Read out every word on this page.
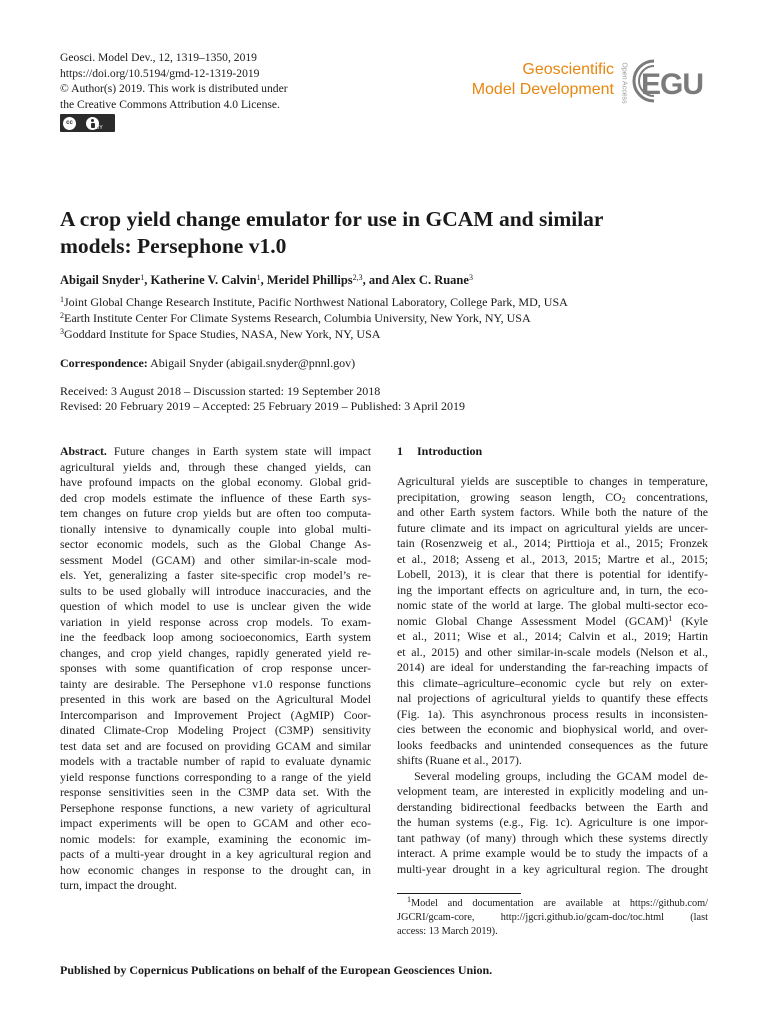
Geosci. Model Dev., 12, 1319–1350, 2019
https://doi.org/10.5194/gmd-12-1319-2019
© Author(s) 2019. This work is distributed under
the Creative Commons Attribution 4.0 License.
cc
BY
Geoscientific
Model Development Open Access EGU
A crop yield change emulator for use in GCAM and similar
models: Persephone v1.0
Abigail Snyder$^1$, Katherine V. Calvin$^1$, Meridel Phillips$^{2,3}$, and Alex C. Ruane$^3$
$^1$Joint Global Change Research Institute, Pacific Northwest National Laboratory, College Park, MD, USA
$^2$Earth Institute Center For Climate Systems Research, Columbia University, New York, NY, USA
$^3$Goddard Institute for Space Studies, NASA, New York, NY, USA
Correspondence: Abigail Snyder (abigail.snyder@pnnl.gov)
Received: 3 August 2018 – Discussion started: 19 September 2018
Revised: 20 February 2019 – Accepted: 25 February 2019 – Published: 3 April 2019
Abstract. Future changes in Earth system state will impact
agricultural yields and, through these changed yields, can
have profound impacts on the global economy. Global grid-
ded crop models estimate the influence of these Earth sys-
tem changes on future crop yields but are often too computa-
tionally intensive to dynamically couple into global multi-
sector economic models, such as the Global Change As-
sessment Model (GCAM) and other similar-in-scale mod-
els. Yet, generalizing a faster site-specific crop model’s re-
sults to be used globally will introduce inaccuracies, and the
question of which model to use is unclear given the wide
variation in yield response across crop models. To exam-
ine the feedback loop among socioeconomics, Earth system
changes, and crop yield changes, rapidly generated yield re-
sponses with some quantification of crop response uncer-
tainty are desirable. The Persephone v1.0 response functions
presented in this work are based on the Agricultural Model
Intercomparison and Improvement Project (AgMIP) Coor-
dinated Climate-Crop Modeling Project (C3MP) sensitivity
test data set and are focused on providing GCAM and similar
models with a tractable number of rapid to evaluate dynamic
yield response functions corresponding to a range of the yield
response sensitivities seen in the C3MP data set. With the
Persephone response functions, a new variety of agricultural
impact experiments will be open to GCAM and other eco-
nomic models: for example, examining the economic im-
pacts of a multi-year drought in a key agricultural region and
how economic changes in response to the drought can, in
turn, impact the drought.
1 Introduction
Agricultural yields are susceptible to changes in temperature,
precipitation, growing season length, $CO_2$ concentrations,
and other Earth system factors. While both the nature of the
future climate and its impact on agricultural yields are uncer-
tain (Rosenzweig et al., 2014; Pirttioja et al., 2015; Fronzek
et al., 2018; Asseng et al., 2013, 2015; Martre et al., 2015;
Lobell, 2013), it is clear that there is potential for identify-
ing the important effects on agriculture and, in turn, the eco-
nomic state of the world at large. The global multi-sector eco-
nomic Global Change Assessment Model (GCAM)$^1$ (Kyle
et al., 2011; Wise et al., 2014; Calvin et al., 2019; Hartin
et al., 2015) and other similar-in-scale models (Nelson et al.,
2014) are ideal for understanding the far-reaching impacts of
this climate–agriculture–economic cycle but rely on exter-
nal projections of agricultural yields to quantify these effects
(Fig. 1a). This asynchronous process results in inconsisten-
cies between the economic and biophysical world, and over-
looks feedbacks and unintended consequences as the future
shifts (Ruane et al., 2017).
Several modeling groups, including the GCAM model de-
velopment team, are interested in explicitly modeling and un-
derstanding bidirectional feedbacks between the Earth and
the human systems (e.g., Fig. 1c). Agriculture is one impor-
tant pathway (of many) through which these systems directly
interact. A prime example would be to study the impacts of a
multi-year drought in a key agricultural region. The drought
$^1$Model and documentation are available at https://github.com/
JGCRI/gcam-core,   http://jgcri.github.io/gcam-doc/toc.html   (last
access: 13 March 2019).
Published by Copernicus Publications on behalf of the European Geosciences Union.
